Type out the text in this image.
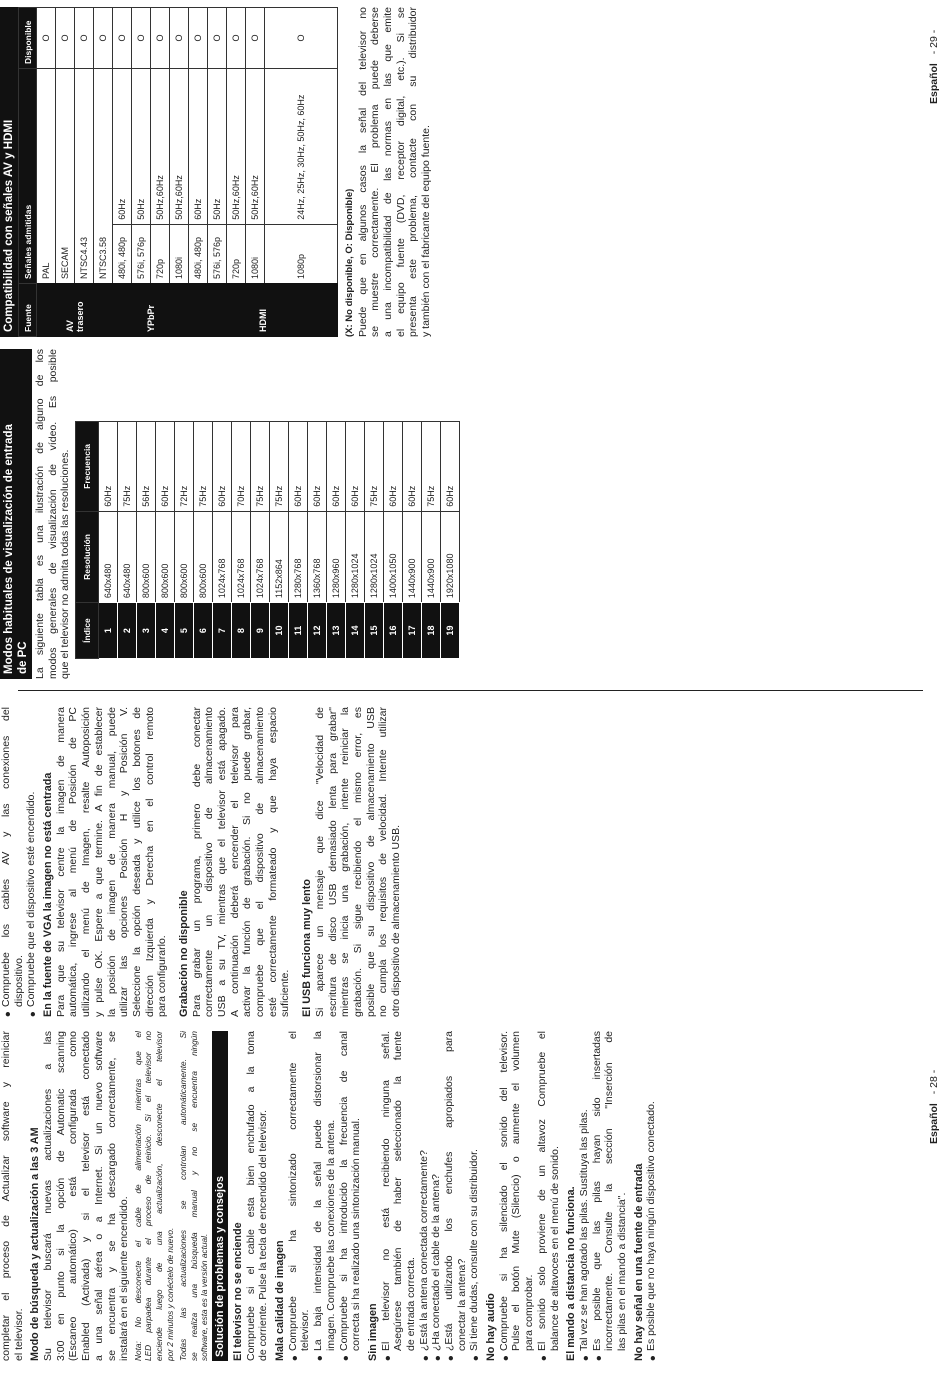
completar el proceso de Actualizar software y reiniciar el televisor. Modo de búsqueda y actualización a las 3 AM Su televisor buscará nuevas actualizaciones a las 3:00 en punto si la opción de Automatic scanning (Escaneo automático) está configurada como Enabled (Activada) y si el televisor está conectado a una señal aérea o a Internet. Si un nuevo software se encuentra y se ha descargado correctamente, se instalará en el siguiente encendido. Nota: No desconecte el cable de alimentación mientras que el LED parpadea durante el proceso de reinicio. Si el televisor no enciende luego de una actualización, desconecte el televisor por 2 minutos y conéctelo de nuevo. Todas las actualizaciones se controlan automáticamente. Si se realiza una búsqueda manual y no se encuentra ningún software, esta es la versión actual. Solución de problemas y consejos El televisor no se enciende Compruebe si el cable esta bien enchufado a la toma de corriente. Pulse la tecla de encendido del televisor. Mala calidad de imagen •
Compruebe si ha sintonizado correctamente el televisor.
•
La baja intensidad de la señal puede distorsionar la imagen. Compruebe las conexiones de la antena.
•
Compruebe si ha introducido la frecuencia de canal correcta si ha realizado una sintonización manual. Sin imagen •
El televisor no está recibiendo ninguna señal. Asegúrese también de haber seleccionado la fuente de entrada correcta.
•
¿Está la antena conectada correctamente?
•
¿Ha conectado el cable de la antena?
•
¿Está utilizando los enchufes apropiados para conectar la antena?
•
Si tiene dudas, consulte con su distribuidor. No hay audio •
Compruebe si ha silenciado el sonido del televisor. Pulse el botón Mute (Silencio) o aumente el volumen para comprobar.
•
El sonido solo proviene de un altavoz Compruebe el balance de altavoces en el menú de sonido. El mando a distancia no funciona. •
Tal vez se han agotado las pilas. Sustituya las pilas.
•
Es posible que las pilas hayan sido insertadas incorrectamente. Consulte la sección "Inserción de las pilas en el mando a distancia". No hay señal en una fuente de entrada •
Es posible que no haya ningún dispositivo conectado.
•
Compruebe los cables AV y las conexiones del dispositivo.
•
Compruebe que el dispositivo esté encendido. En la fuente de VGA la imagen no está centrada Para que su televisor centre la imagen de manera automática, ingrese al menú de Posición de PC utilizando el menú de Imagen, resalte Autoposición y pulse OK. Espere a que termine. A fin de establecer la posición de imagen de manera manual, puede utilizar las opciones Posición H y Posición V. Seleccione la opción deseada y utilice los botones de dirección Izquierda y Derecha en el control remoto para configurarlo. Grabación no disponible Para grabar un programa, primero debe conectar correctamente un dispositivo de almacenamiento USB a su TV, mientras que el televisor está apagado. A continuación deberá encender el televisor para activar la función de grabación. Si no puede grabar, compruebe que el dispositivo de almacenamiento esté correctamente formateado y que haya espacio suficiente. El USB funciona muy lento Si aparece un mensaje que dice "Velocidad de escritura de disco USB demasiado lenta para grabar" mientras se inicia una grabación, intente reiniciar la grabación. Si sigue recibiendo el mismo error, es posible que su dispositivo de almacenamiento USB no cumpla los requisitos de velocidad. Intente utilizar otro dispositivo de almacenamiento USB.
Español - 28 -
Modos habituales de visualización de entrada de PC La siguiente tabla es una ilustración de alguno de los modos generales de visualización de vídeo. Es posible que el televisor no admita todas las resoluciones. Índice	Resolución	Frecuencia
1	640x480	60Hz
2	640x480	75Hz
3	800x600	56Hz
4	800x600	60Hz
5	800x600	72Hz
6	800x600	75Hz
7	1024x768	60Hz
8	1024x768	70Hz
9	1024x768	75Hz
10	1152x864	75Hz
11	1280x768	60Hz
12	1360x768	60Hz
13	1280x960	60Hz
14	1280x1024	60Hz
15	1280x1024	75Hz
16	1400x1050	60Hz
17	1440x900	60Hz
18	1440x900	75Hz
19	1920x1080	60Hz
Compatibilidad con señales AV y HDMI Fuente	Señales admitidas		Disponible
AV trasero	PAL		O
	SECAM		O
	NTSC4.43		O
	NTSC3.58		O
YPbPr	480i, 480p	60Hz	O
	576i, 576p	50Hz	O
	720p	50Hz,60Hz	O
	1080i	50Hz,60Hz	O
HDMI	480i, 480p	60Hz	O
	576i, 576p	50Hz	O
	720p	50Hz,60Hz	O
	1080i	50Hz,60Hz	O
	1080p	24Hz, 25Hz, 30Hz, 50Hz, 60Hz	O
(X: No disponible, O: Disponible) Puede que en algunos casos la señal del televisor no se muestre correctamente. El problema puede deberse a una incompatibilidad de las normas en las que emite el equipo fuente (DVD, receptor digital, etc.). Si se presenta este problema, contacte con su distribuidor y también con el fabricante del equipo fuente.
Español - 29 -
